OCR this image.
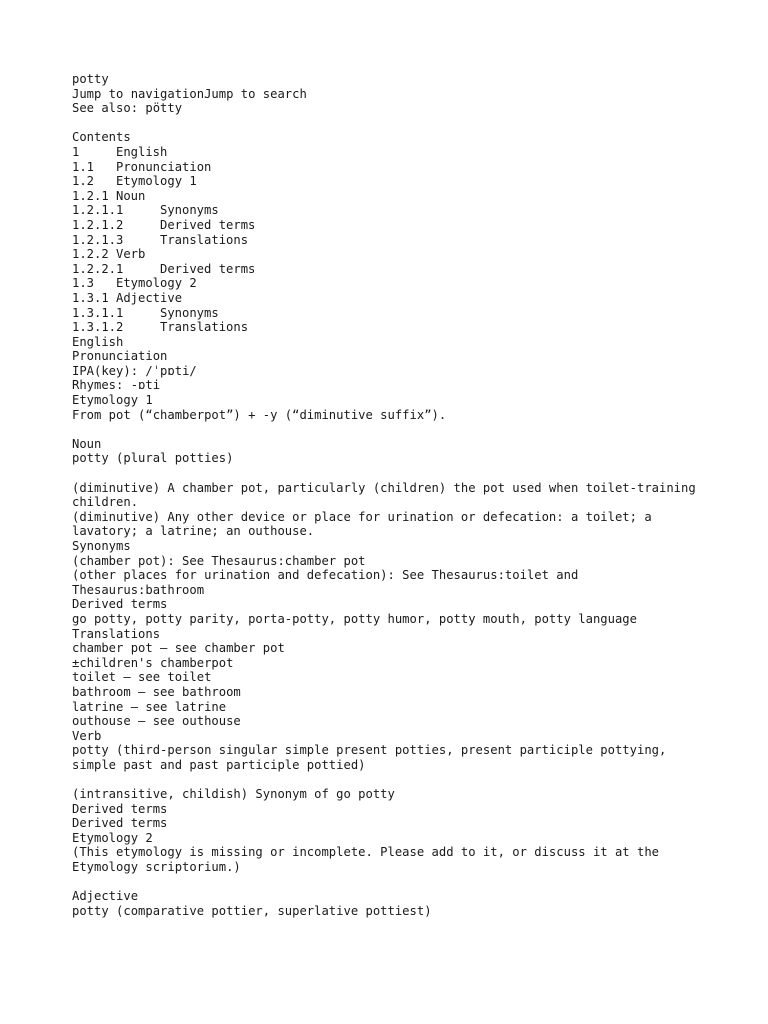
potty
Jump to navigationJump to search
See also: pötty
Contents
1	English
1.1	Pronunciation
1.2	Etymology 1
1.2.1 Noun
1.2.1.1	Synonyms
1.2.1.2	Derived terms
1.2.1.3	Translations
1.2.2 Verb
1.2.2.1	Derived terms
1.3	Etymology 2
1.3.1 Adjective
1.3.1.1	Synonyms
1.3.1.2	Translations
English
Pronunciation
IPA(key): /ˈpɒti/
Rhymes: -ɒti
Etymology 1
From pot (“chamberpot”) + -y (“diminutive suffix”).
Noun
potty (plural potties)
(diminutive) A chamber pot, particularly (children) the pot used when toilet-training children.
(diminutive) Any other device or place for urination or defecation: a toilet; a lavatory; a latrine; an outhouse.
Synonyms
(chamber pot): See Thesaurus:chamber pot
(other places for urination and defecation): See Thesaurus:toilet and Thesaurus:bathroom
Derived terms
go potty, potty parity, porta-potty, potty humor, potty mouth, potty language
Translations
chamber pot — see chamber pot
±children's chamberpot
toilet — see toilet
bathroom — see bathroom
latrine — see latrine
outhouse — see outhouse
Verb
potty (third-person singular simple present potties, present participle pottying, simple past and past participle pottied)
(intransitive, childish) Synonym of go potty
Derived terms
Derived terms
Etymology 2
(This etymology is missing or incomplete. Please add to it, or discuss it at the Etymology scriptorium.)
Adjective
potty (comparative pottier, superlative pottiest)
